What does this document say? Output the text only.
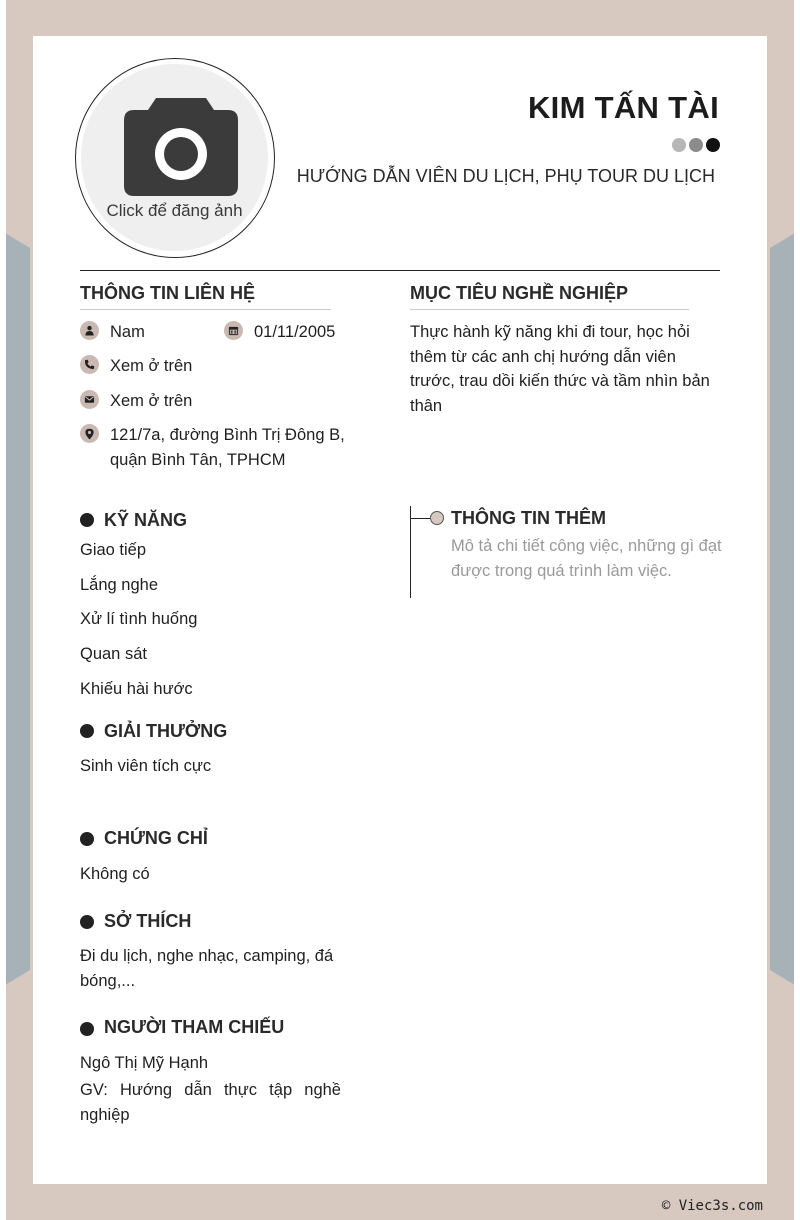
Click để đăng ảnh
KIM TẤN TÀI
HƯỚNG DẪN VIÊN DU LỊCH, PHỤ TOUR DU LỊCH
THÔNG TIN LIÊN HỆ
Nam	01/11/2005
Xem ở trên
Xem ở trên
121/7a, đường Bình Trị Đông B,
quận Bình Tân, TPHCM
MỤC TIÊU NGHỀ NGHIỆP
Thực hành kỹ năng khi đi tour, học hỏi thêm từ các anh chị hướng dẫn viên trước, trau dồi kiến thức và tầm nhìn bản thân
KỸ NĂNG
Giao tiếp
Lắng nghe
Xử lí tình huống
Quan sát
Khiếu hài hước
GIẢI THƯỞNG
Sinh viên tích cực
CHỨNG CHỈ
Không có
SỞ THÍCH
Đi du lịch, nghe nhạc, camping, đá
bóng,...
NGƯỜI THAM CHIẾU
Ngô Thị Mỹ Hạnh
GV: Hướng dẫn thực tập nghề nghiệp
THÔNG TIN THÊM
Mô tả chi tiết công việc, những gì đạt được trong quá trình làm việc.
© Viec3s.com
